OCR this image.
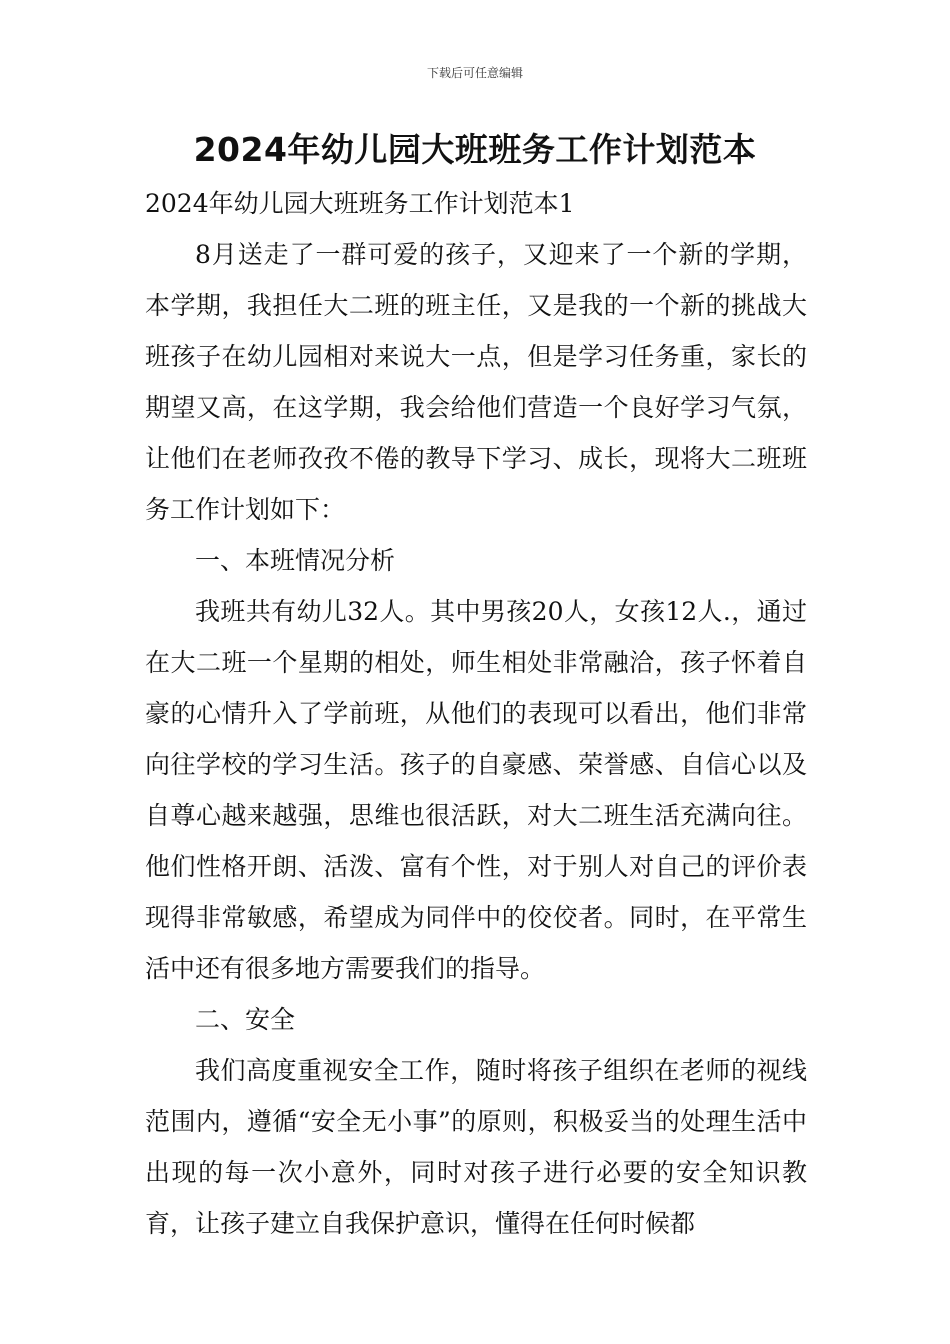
下载后可任意编辑
2024年幼儿园大班班务工作计划范本

2024年幼儿园大班班务工作计划范本1

8月送走了一群可爱的孩子，又迎来了一个新的学期，本学期，我担任大二班的班主任，又是我的一个新的挑战大班孩子在幼儿园相对来说大一点，但是学习任务重，家长的期望又高，在这学期，我会给他们营造一个良好学习气氛，让他们在老师孜孜不倦的教导下学习、成长，现将大二班班务工作计划如下：

一、本班情况分析

我班共有幼儿32人。其中男孩20人，女孩12人.，通过在大二班一个星期的相处，师生相处非常融洽，孩子怀着自豪的心情升入了学前班，从他们的表现可以看出，他们非常向往学校的学习生活。孩子的自豪感、荣誉感、自信心以及自尊心越来越强，思维也很活跃，对大二班生活充满向往。他们性格开朗、活泼、富有个性，对于别人对自己的评价表现得非常敏感，希望成为同伴中的佼佼者。同时，在平常生活中还有很多地方需要我们的指导。

二、安全

我们高度重视安全工作，随时将孩子组织在老师的视线范围内，遵循“安全无小事”的原则，积极妥当的处理生活中出现的每一次小意外，同时对孩子进行必要的安全知识教育，让孩子建立自我保护意识，懂得在任何时候都
